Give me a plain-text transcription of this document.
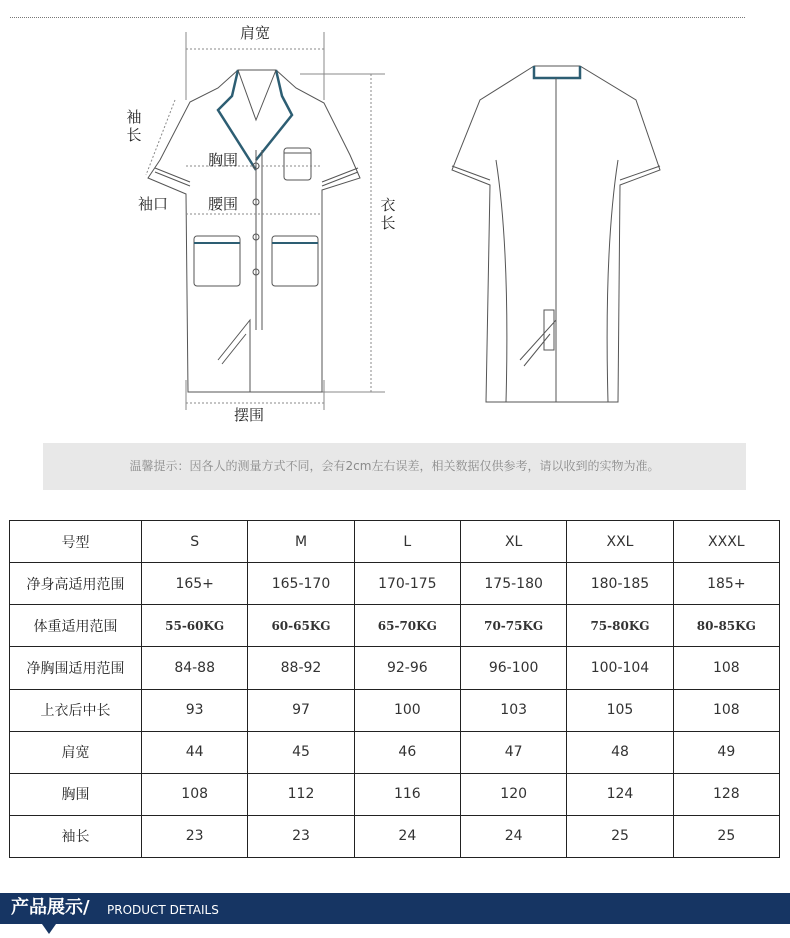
肩宽
袖长
袖口
胸围
腰围	衣长
摆围
温馨提示：因各人的测量方式不同，会有2cm左右误差，相关数据仅供参考，请以收到的实物为准。
号型	S	M	L	XL	XXL	XXXL
净身高适用范围	165+	165-170	170-175	175-180	180-185	185+
体重适用范围	55-60KG	60-65KG	65-70KG	70-75KG	75-80KG	80-85KG
净胸围适用范围	84-88	88-92	92-96	96-100	100-104	108
上衣后中长	93	97	100	103	105	108
肩宽	44	45	46	47	48	49
胸围	108	112	116	120	124	128
袖长	23	23	24	24	25	25
产品展示/ PRODUCT DETAILS
